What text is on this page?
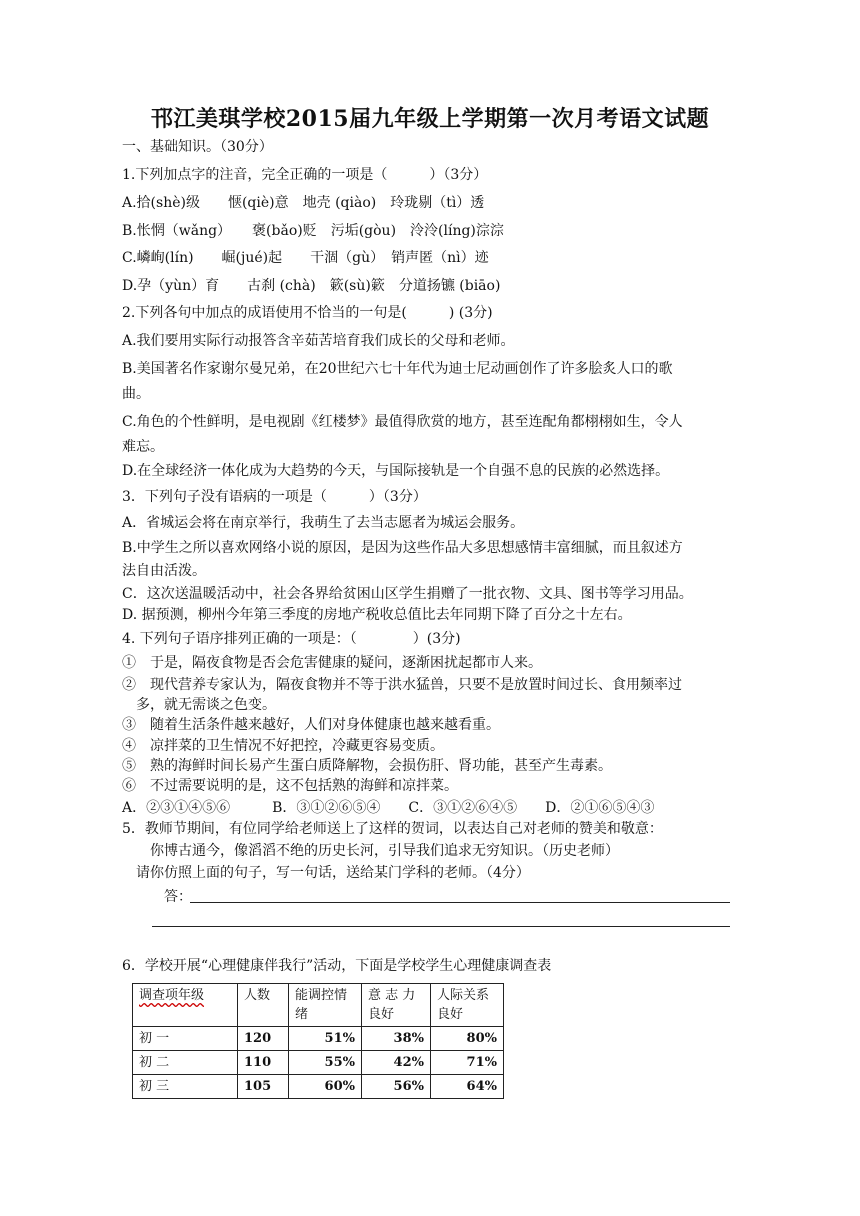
邗江美琪学校2015届九年级上学期第一次月考语文试题
一、基础知识。（30分）
1.下列加点字的注音，完全正确的一项是（　　　）（3分）
A.拾(shè)级　　惬(qiè)意　地壳 (qiào)　玲珑剔（tì）透
B.怅惘（wǎng）　　褒(bǎo)贬　污垢(gòu)　泠泠(líng)淙淙
C.嶙峋(lín)　　崛(jué)起　　干涸（gù）　销声匿（nì）迹
D.孕（yùn）育　　古刹 (chà)　簌(sù)簌　分道扬镳 (biāo)
2.下列各句中加点的成语使用不恰当的一句是(　　　) (3分)
A.我们要用实际行动报答含辛茹苦培育我们成长的父母和老师。
B.美国著名作家谢尔曼兄弟，在20世纪六七十年代为迪士尼动画创作了许多脍炙人口的歌
曲。
C.角色的个性鲜明，是电视剧《红楼梦》最值得欣赏的地方，甚至连配角都栩栩如生，令人
难忘。
D.在全球经济一体化成为大趋势的今天，与国际接轨是一个自强不息的民族的必然选择。
3．下列句子没有语病的一项是（　　　）（3分）
A．省城运会将在南京举行，我萌生了去当志愿者为城运会服务。
B.中学生之所以喜欢网络小说的原因，是因为这些作品大多思想感情丰富细腻，而且叙述方
法自由活泼。
C．这次送温暖活动中，社会各界给贫困山区学生捐赠了一批衣物、文具、图书等学习用品。
D. 据预测，柳州今年第三季度的房地产税收总值比去年同期下降了百分之十左右。
4. 下列句子语序排列正确的一项是：（　　　　）(3分)
①　于是，隔夜食物是否会危害健康的疑问，逐渐困扰起都市人来。
②　现代营养专家认为，隔夜食物并不等于洪水猛兽，只要不是放置时间过长、食用频率过
　多，就无需谈之色变。
③　随着生活条件越来越好，人们对身体健康也越来越看重。
④　凉拌菜的卫生情况不好把控，冷藏更容易变质。
⑤　熟的海鲜时间长易产生蛋白质降解物，会损伤肝、肾功能，甚至产生毒素。
⑥　不过需要说明的是，这不包括熟的海鲜和凉拌菜。
A．②③①④⑤⑥　　　B．③①②⑥⑤④　　C．③①②⑥④⑤　　D．②①⑥⑤④③
5．教师节期间，有位同学给老师送上了这样的贺词，以表达自己对老师的赞美和敬意：
　　你博古通今，像滔滔不绝的历史长河，引导我们追求无穷知识。（历史老师）
　请你仿照上面的句子，写一句话，送给某门学科的老师。（4分）
　　　答：
6．学校开展“心理健康伴我行”活动，下面是学校学生心理健康调查表
调查项年级	人数	能调控情绪	意 志 力良好	人际关系良好
初 一	120	51%	38%	80%
初 二	110	55%	42%	71%
初 三	105	60%	56%	64%
